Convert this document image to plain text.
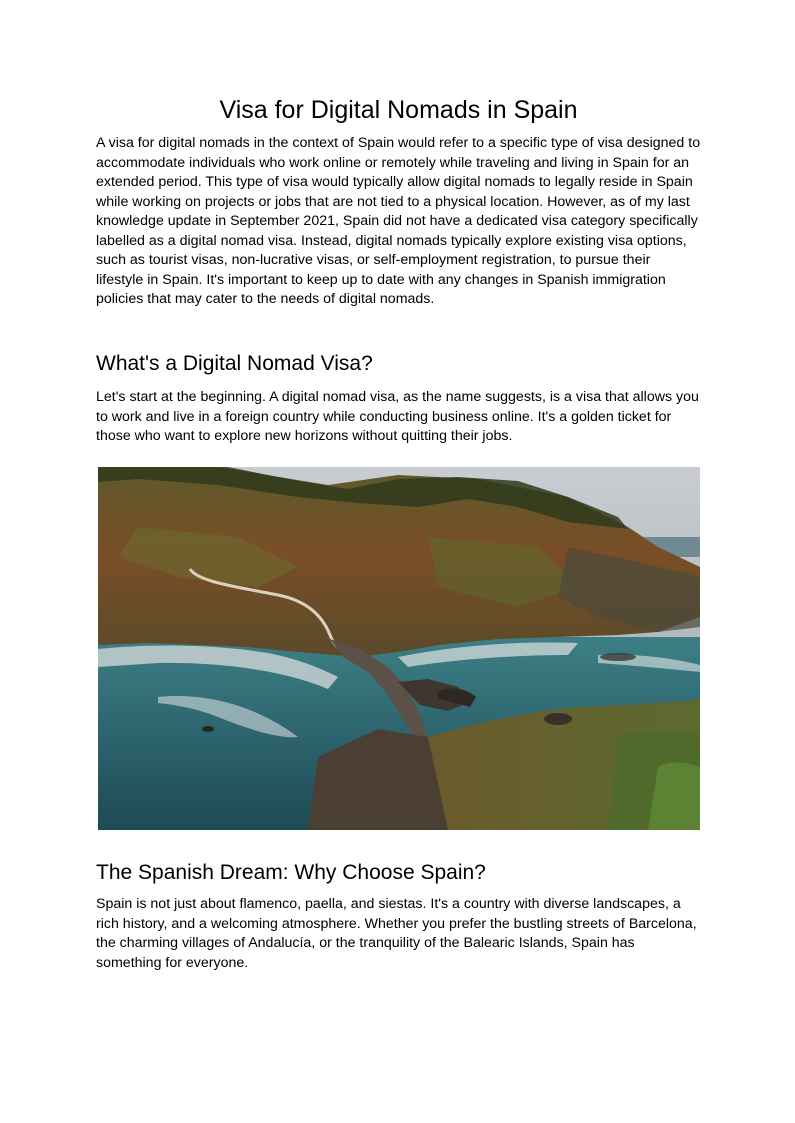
Visa for Digital Nomads in Spain

A visa for digital nomads in the context of Spain would refer to a specific type of visa designed to accommodate individuals who work online or remotely while traveling and living in Spain for an extended period. This type of visa would typically allow digital nomads to legally reside in Spain while working on projects or jobs that are not tied to a physical location. However, as of my last knowledge update in September 2021, Spain did not have a dedicated visa category specifically labelled as a digital nomad visa. Instead, digital nomads typically explore existing visa options, such as tourist visas, non-lucrative visas, or self-employment registration, to pursue their lifestyle in Spain. It's important to keep up to date with any changes in Spanish immigration policies that may cater to the needs of digital nomads.

What's a Digital Nomad Visa?

Let's start at the beginning. A digital nomad visa, as the name suggests, is a visa that allows you to work and live in a foreign country while conducting business online. It's a golden ticket for those who want to explore new horizons without quitting their jobs.

The Spanish Dream: Why Choose Spain?

Spain is not just about flamenco, paella, and siestas. It's a country with diverse landscapes, a rich history, and a welcoming atmosphere. Whether you prefer the bustling streets of Barcelona, the charming villages of Andalucía, or the tranquility of the Balearic Islands, Spain has something for everyone.
